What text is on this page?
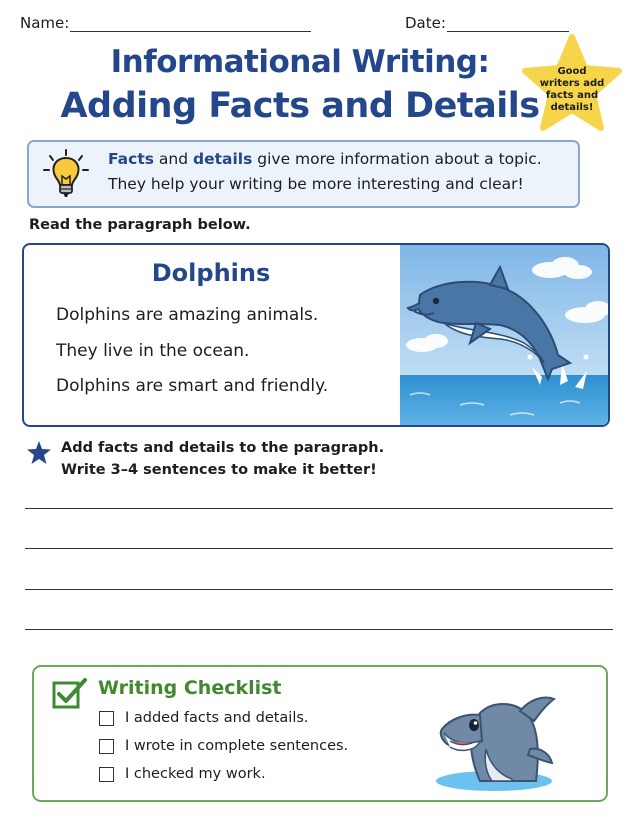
Name:	Date:
Informational Writing:
Adding Facts and Details
Good
writers add
facts and
details!
Facts and details give more information about a topic.
They help your writing be more interesting and clear!
Read the paragraph below.
Dolphins
Dolphins are amazing animals.
They live in the ocean.
Dolphins are smart and friendly.
Add facts and details to the paragraph.
Write 3–4 sentences to make it better!
Writing Checklist
I added facts and details.
I wrote in complete sentences.
I checked my work.
